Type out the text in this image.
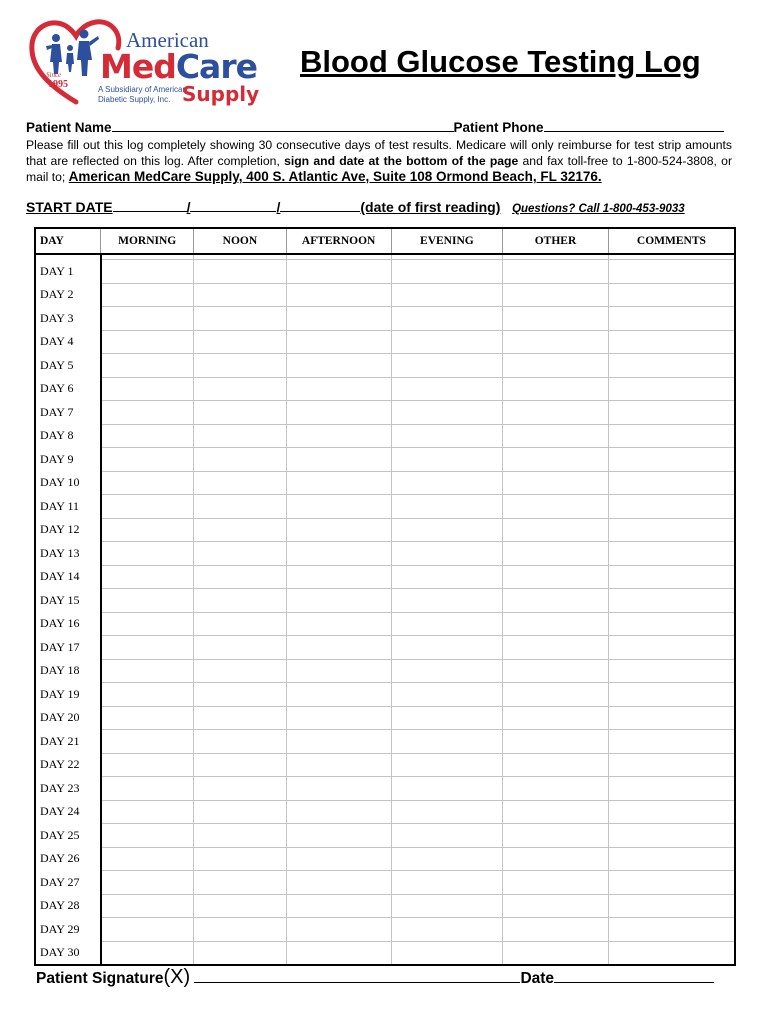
American
MedCare
A Subsidiary of American Diabetic Supply, Inc. Supply
Since
1995
Blood Glucose Testing Log
Patient Name	Patient Phone
Please fill out this log completely showing 30 consecutive days of test results. Medicare will only reimburse for test strip amounts that are reflected on this log. After completion, sign and date at the bottom of the page and fax toll-free to 1-800-524-3808, or mail to; American MedCare Supply, 400 S. Atlantic Ave, Suite 108 Ormond Beach, FL 32176.
START DATE	/	/	(date of first reading) Questions? Call 1-800-453-9033
DAY	MORNING	NOON	AFTERNOON	EVENING	OTHER	COMMENTS

DAY 1						
DAY 2						
DAY 3						
DAY 4						
DAY 5						
DAY 6						
DAY 7						
DAY 8						
DAY 9						
DAY 10						
DAY 11						
DAY 12						
DAY 13						
DAY 14						
DAY 15						
DAY 16						
DAY 17						
DAY 18						
DAY 19						
DAY 20						
DAY 21						
DAY 22						
DAY 23						
DAY 24						
DAY 25						
DAY 26						
DAY 27						
DAY 28						
DAY 29						
DAY 30						
Patient Signature(X)	Date
